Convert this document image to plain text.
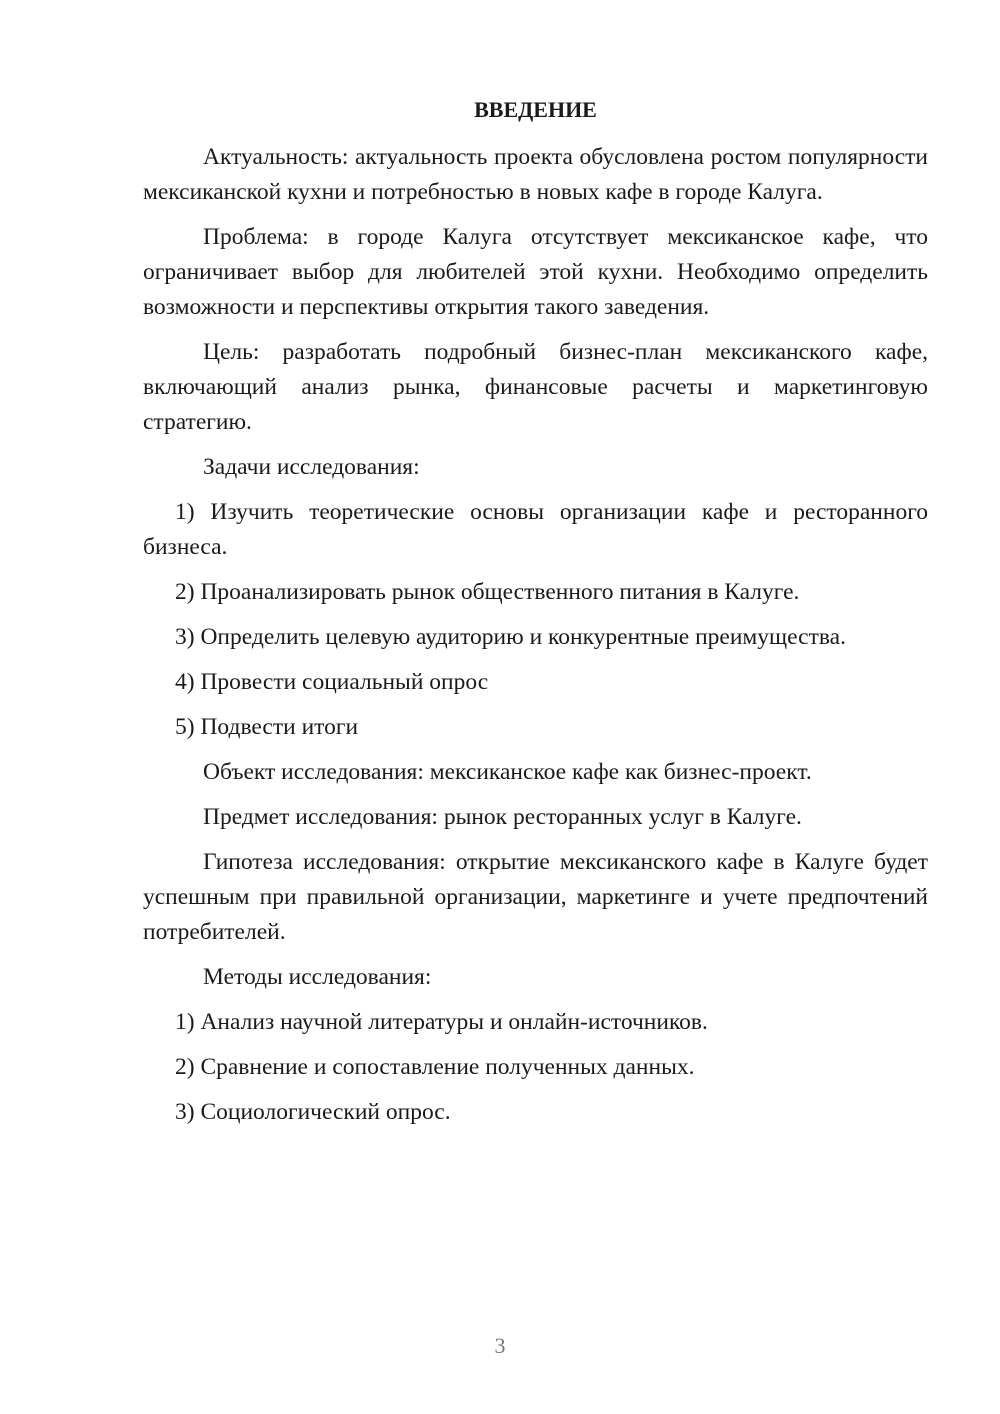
ВВЕДЕНИЕ

Актуальность: актуальность проекта обусловлена ростом популярности мексиканской кухни и потребностью в новых кафе в городе Калуга.

Проблема: в городе Калуга отсутствует мексиканское кафе, что ограничивает выбор для любителей этой кухни. Необходимо определить возможности и перспективы открытия такого заведения.

Цель: разработать подробный бизнес-план мексиканского кафе, включающий анализ рынка, финансовые расчеты и маркетинговую стратегию.

Задачи исследования:

1) Изучить теоретические основы организации кафе и ресторанного бизнеса.

2) Проанализировать рынок общественного питания в Калуге.

3) Определить целевую аудиторию и конкурентные преимущества.

4) Провести социальный опрос

5) Подвести итоги

Объект исследования: мексиканское кафе как бизнес-проект.

Предмет исследования: рынок ресторанных услуг в Калуге.

Гипотеза исследования: открытие мексиканского кафе в Калуге будет успешным при правильной организации, маркетинге и учете предпочтений потребителей.

Методы исследования:

1) Анализ научной литературы и онлайн-источников.

2) Сравнение и сопоставление полученных данных.

3) Социологический опрос.

3
